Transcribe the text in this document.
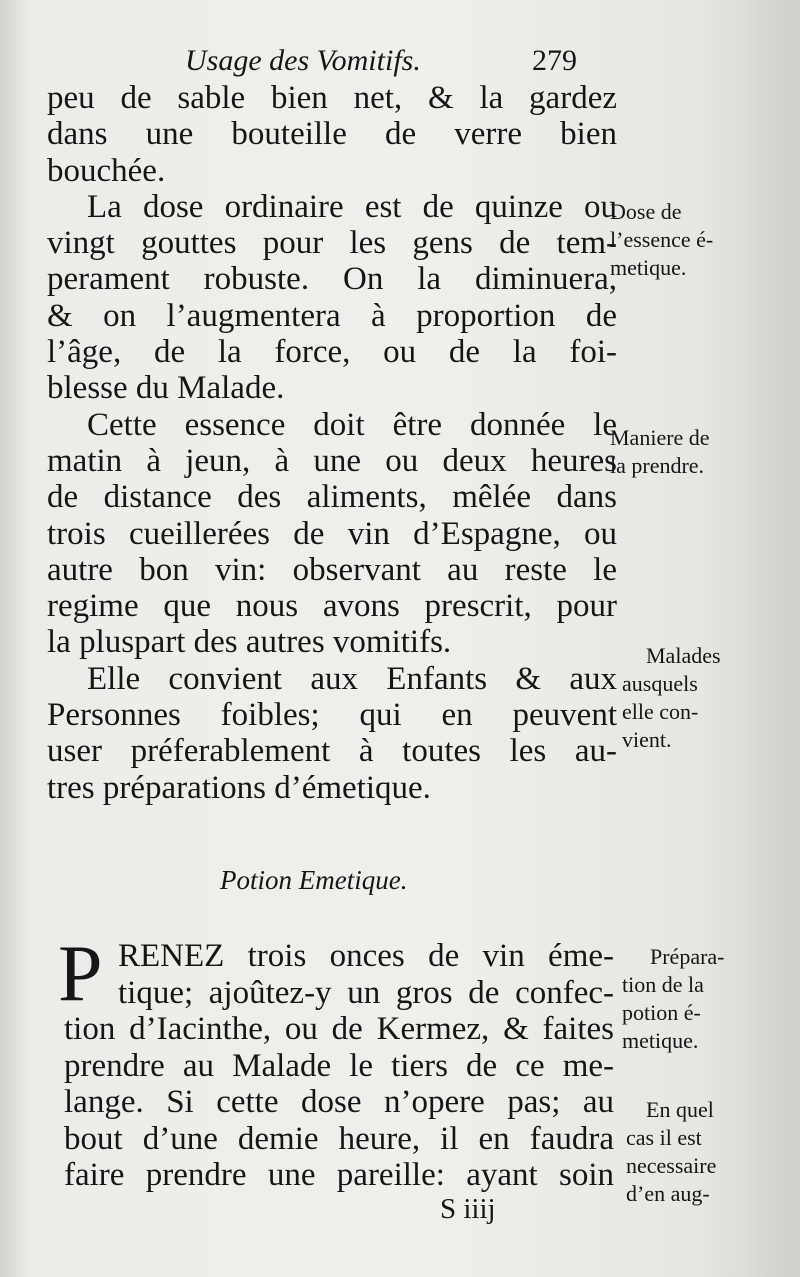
Usage des Vomitifs.	279
peu de sable bien net, & la gardez
dans une bouteille de verre bien
bouchée.
La dose ordinaire est de quinze ou
vingt gouttes pour les gens de tem-
perament robuste. On la diminuera,
& on l’augmentera à proportion de
l’âge, de la force, ou de la foi-
blesse du Malade.
Cette essence doit être donnée le
matin à jeun, à une ou deux heures
de distance des aliments, mêlée dans
trois cueillerées de vin d’Espagne, ou
autre bon vin: observant au reste le
regime que nous avons prescrit, pour
la pluspart des autres vomitifs.
Elle convient aux Enfants & aux
Personnes foibles; qui en peuvent
user préferablement à toutes les au-
tres préparations d’émetique.
Dose de
l’essence é-
metique.
Maniere de
la prendre.
Malades
ausquels
elle con-
vient.
Prépara-
tion de la
potion é-
metique.
En quel
cas il est
necessaire
d’en aug-
Potion Emetique.
P RENEZ trois onces de vin éme-
tique; ajoûtez-y un gros de confec-
tion d’Iacinthe, ou de Kermez, & faites
prendre au Malade le tiers de ce me-
lange. Si cette dose n’opere pas; au
bout d’une demie heure, il en faudra
faire prendre une pareille: ayant soin
S iiij
